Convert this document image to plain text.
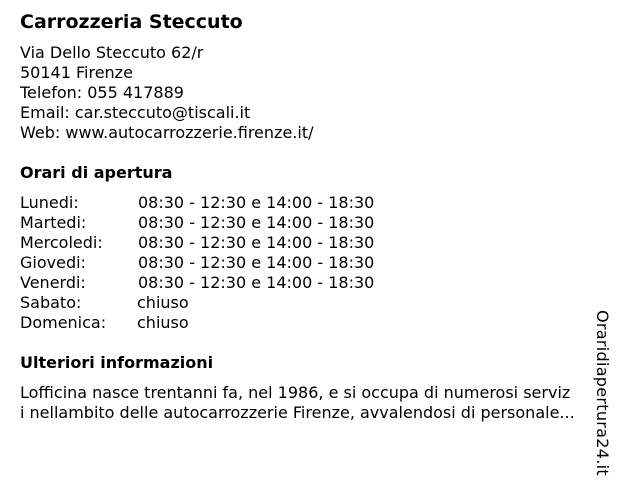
Carrozzeria Steccuto
Via Dello Steccuto 62/r
50141 Firenze
Telefon: 055 417889
Email: car.steccuto@tiscali.it
Web: www.autocarrozzerie.firenze.it/
Orari di apertura
Lunedi:	08:30 - 12:30 e 14:00 - 18:30
Martedi:	08:30 - 12:30 e 14:00 - 18:30
Mercoledi: 08:30 - 12:30 e 14:00 - 18:30
Giovedi:	08:30 - 12:30 e 14:00 - 18:30
Venerdi:	08:30 - 12:30 e 14:00 - 18:30
Sabato:	chiuso
Domenica: chiuso
Ulteriori informazioni
Lofficina nasce trentanni fa, nel 1986, e si occupa di numerosi serviz
i nellambito delle autocarrozzerie Firenze, avvalendosi di personale...	Oraridiapertura24.it
